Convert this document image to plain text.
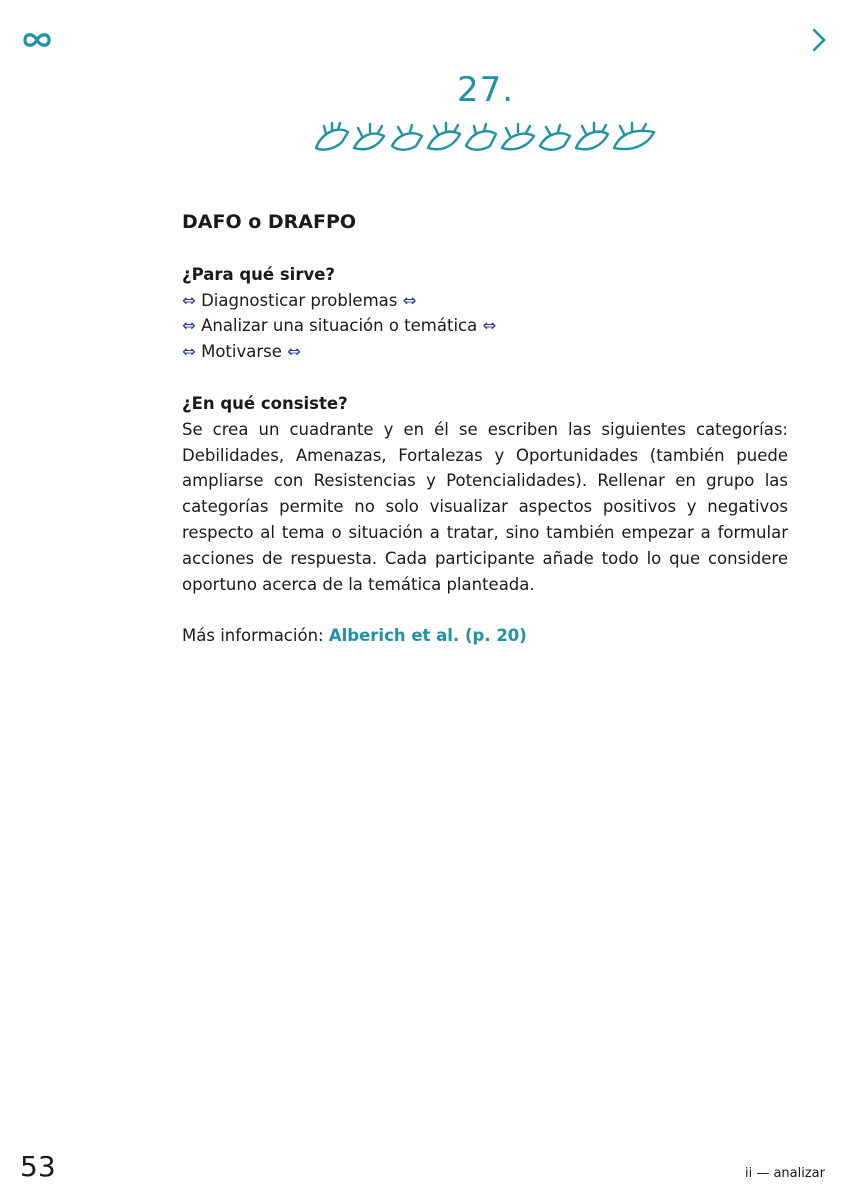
27.
DAFO o DRAFPO
¿Para qué sirve?
⇔ Diagnosticar problemas ⇔
⇔ Analizar una situación o temática ⇔
⇔ Motivarse ⇔
¿En qué consiste?

Se crea un cuadrante y en él se escriben las siguientes categorías: Debilidades, Amenazas, Fortalezas y Oportunidades (también puede ampliarse con Resistencias y Potencialidades). Rellenar en grupo las categorías permite no solo visualizar aspectos positivos y negativos respecto al tema o situación a tratar, sino también empezar a formular acciones de respuesta. Cada participante añade todo lo que considere oportuno acerca de la temática planteada.

Más información: Alberich et al. (p. 20)

53	ii — analizar
